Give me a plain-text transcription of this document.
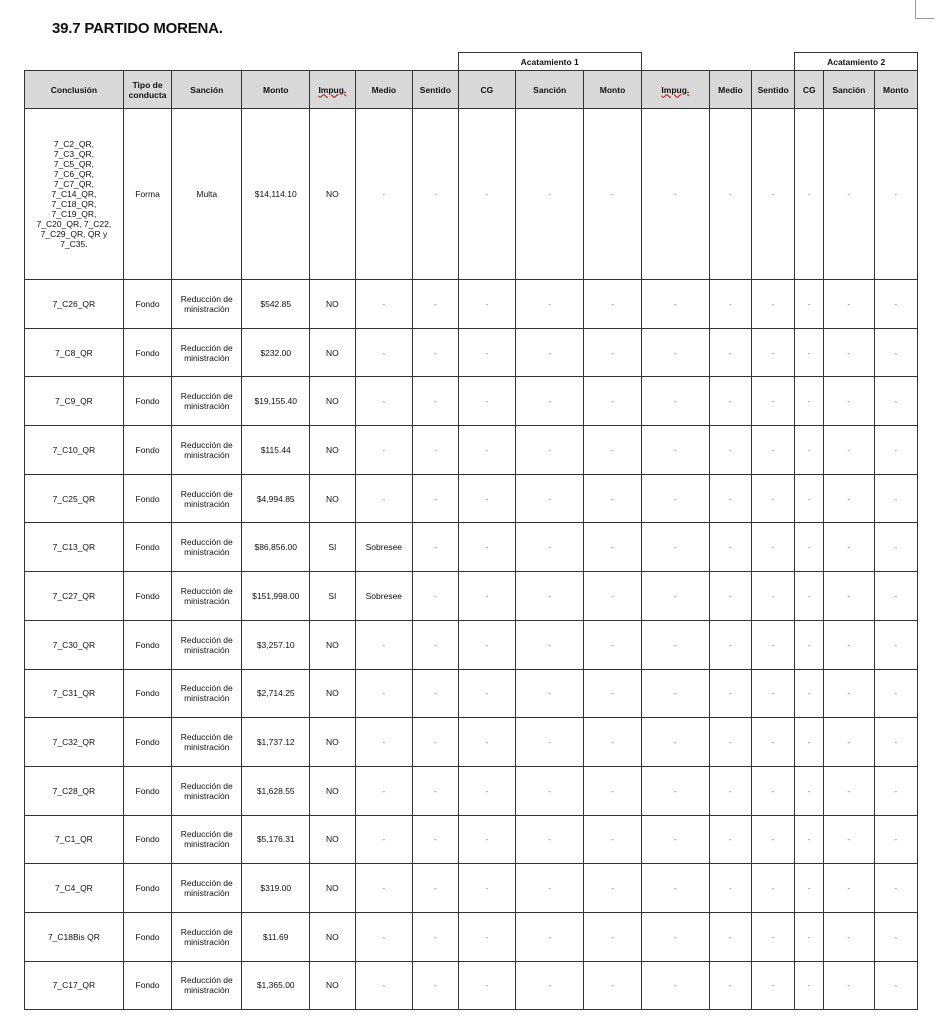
39.7 PARTIDO MORENA.
							Acatamiento 1						Acatamiento 2		
Conclusión	Tipo de conducta	Sanción	Monto	Impug.	Medio	Sentido	CG	Sanción	Monto	Impug.	Medio	Sentido	CG	Sanción	Monto
7_C2_QR, 7_C3_QR, 7_C5_QR, 7_C6_QR, 7_C7_QR, 7_C14_QR, 7_C18_QR, 7_C19_QR, 7_C20_QR, 7_C22, 7_C29_QR, QR y 7_C35.	Forma	Multa	$14,114.10	NO	-	-	-	-	-	-	-	-	-	-	-
7_C26_QR	Fondo	Reducción de ministración	$542.85	NO	-	-	-	-	-	-	-	-	-	-	-
7_C8_QR	Fondo	Reducción de ministración	$232.00	NO	-	-	-	-	-	-	-	-	-	-	-
7_C9_QR	Fondo	Reducción de ministración	$19,155.40	NO	-	-	-	-	-	-	-	-	-	-	-
7_C10_QR	Fondo	Reducción de ministración	$115.44	NO	-	-	-	-	-	-	-	-	-	-	-
7_C25_QR	Fondo	Reducción de ministración	$4,994.85	NO	-	-	-	-	-	-	-	-	-	-	-
7_C13_QR	Fondo	Reducción de ministración	$86,856.00	SI	Sobresee	-	-	-	-	-	-	-	-	-	-
7_C27_QR	Fondo	Reducción de ministración	$151,998.00	SI	Sobresee	-	-	-	-	-	-	-	-	-	-
7_C30_QR	Fondo	Reducción de ministración	$3,257.10	NO	-	-	-	-	-	-	-	-	-	-	-
7_C31_QR	Fondo	Reducción de ministración	$2,714.25	NO	-	-	-	-	-	-	-	-	-	-	-
7_C32_QR	Fondo	Reducción de ministración	$1,737.12	NO	-	-	-	-	-	-	-	-	-	-	-
7_C28_QR	Fondo	Reducción de ministración	$1,628.55	NO	-	-	-	-	-	-	-	-	-	-	-
7_C1_QR	Fondo	Reducción de ministración	$5,176.31	NO	-	-	-	-	-	-	-	-	-	-	-
7_C4_QR	Fondo	Reducción de ministración	$319.00	NO	-	-	-	-	-	-	-	-	-	-	-
7_C18Bis QR	Fondo	Reducción de ministración	$11.69	NO	-	-	-	-	-	-	-	-	-	-	-
7_C17_QR	Fondo	Reducción de ministración	$1,365.00	NO	-	-	-	-	-	-	-	-	-	-	-
